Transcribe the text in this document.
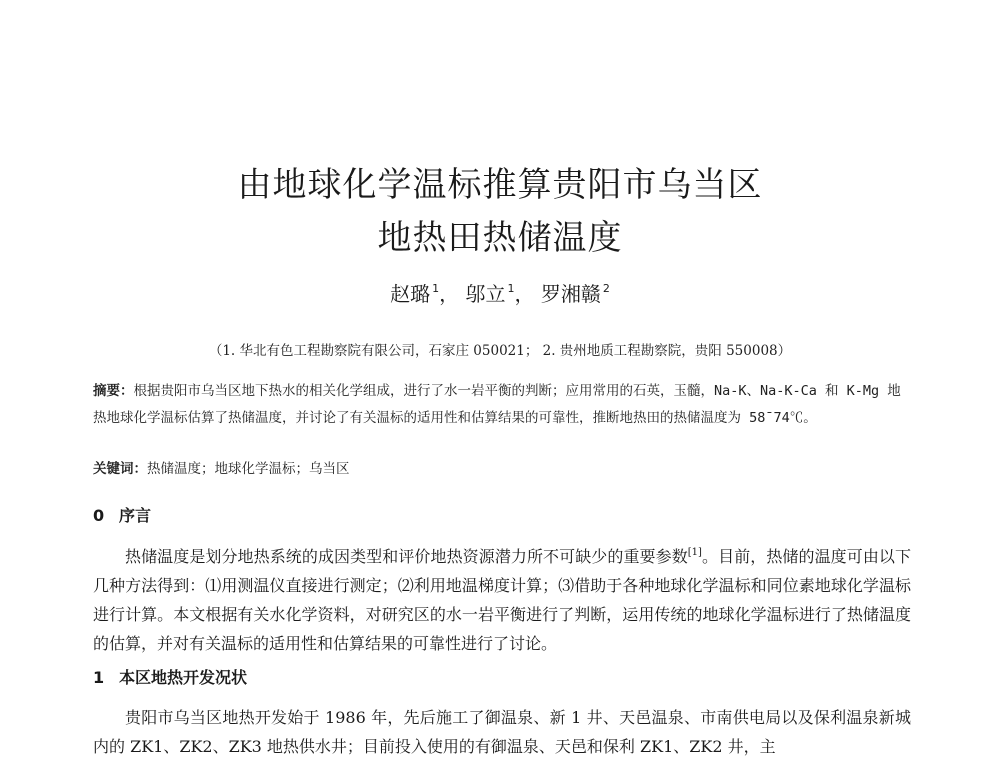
由地球化学温标推算贵阳市乌当区
地热田热储温度
赵璐 $^1$， 邬立 $^1$， 罗湘赣 $^2$
（1. 华北有色工程勘察院有限公司，石家庄 050021； 2. 贵州地质工程勘察院，贵阳 550008）
摘要：根据贵阳市乌当区地下热水的相关化学组成，进行了水一岩平衡的判断；应用常用的石英，玉髓，Na-K、Na-K-Ca 和 K-Mg 地热地球化学温标估算了热储温度，并讨论了有关温标的适用性和估算结果的可靠性，推断地热田的热储温度为 58¯74℃。
关键词：热储温度；地球化学温标；乌当区
0 序言
热储温度是划分地热系统的成因类型和评价地热资源潜力所不可缺少的重要参数[1]。目前，热储的温度可由以下几种方法得到：⑴用测温仪直接进行测定；⑵利用地温梯度计算；⑶借助于各种地球化学温标和同位素地球化学温标进行计算。本文根据有关水化学资料，对研究区的水一岩平衡进行了判断，运用传统的地球化学温标进行了热储温度的估算，并对有关温标的适用性和估算结果的可靠性进行了讨论。
1 本区地热开发况状
贵阳市乌当区地热开发始于 1986 年，先后施工了御温泉、新 1 井、天邑温泉、市南供电局以及保利温泉新城内的 ZK1、ZK2、ZK3 地热供水井；目前投入使用的有御温泉、天邑和保利 ZK1、ZK2 井，主
